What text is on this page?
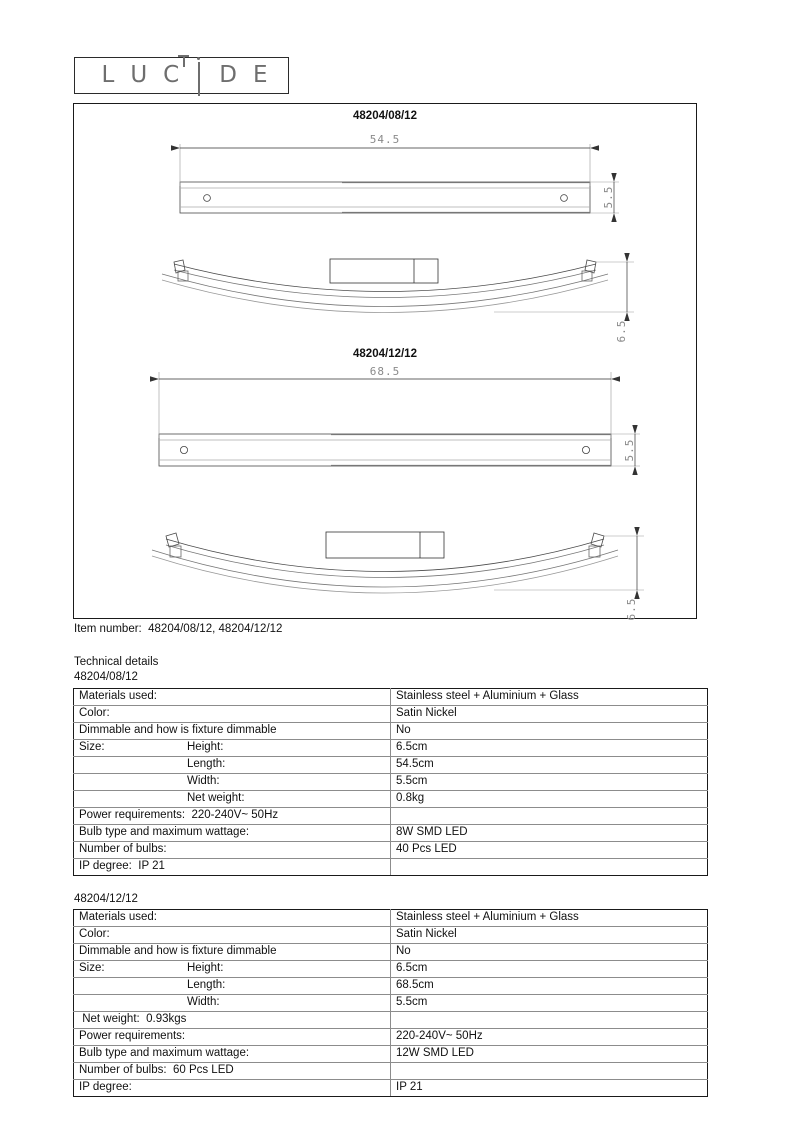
L U C D E
48204/08/12
48204/12/12
54.5
68.5
5.5
5.5
6.5
6.5
Item number:  48204/08/12, 48204/12/12
Technical details
48204/08/12
48204/12/12
Materials used:	Stainless steel + Aluminium + Glass
Color:	Satin Nickel
Dimmable and how is fixture dimmable	No

Size: Height:	6.5cm

Length:	54.5cm

Width:	5.5cm

Net weight:	0.8kg
Power requirements:  220-240V~ 50Hz	
Bulb type and maximum wattage:	8W SMD LED
Number of bulbs:	40 Pcs LED
IP degree:  IP 21	
Materials used:	Stainless steel + Aluminium + Glass
Color:	Satin Nickel
Dimmable and how is fixture dimmable	No

Size: Height:	6.5cm

Length:	68.5cm

Width:	5.5cm
Net weight:  0.93kgs	
Power requirements:	220-240V~ 50Hz
Bulb type and maximum wattage:	12W SMD LED
Number of bulbs:  60 Pcs LED	
IP degree:	IP 21
